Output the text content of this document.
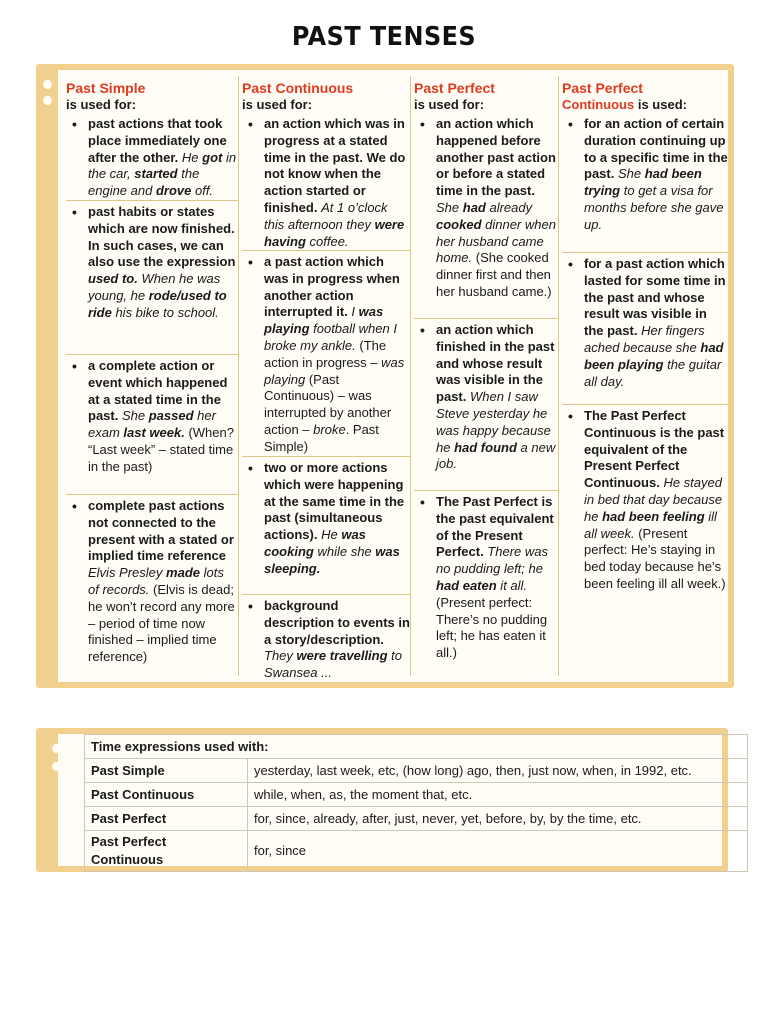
PAST TENSES
Past Simple
is used for:
• past actions that took place immediately one after the other. He got in the car, started the engine and drove off.
• past habits or states which are now finished. In such cases, we can also use the expression used to. When he was young, he rode/used to ride his bike to school.
• a complete action or event which happened at a stated time in the past. She passed her exam last week. (When? “Last week” – stated time in the past)
• complete past actions not connected to the present with a stated or implied time reference Elvis Presley made lots of records. (Elvis is dead; he won’t record any more – period of time now finished – implied time reference)
Past Continuous
is used for:
• an action which was in progress at a stated time in the past. We do not know when the action started or finished. At 1 o’clock this afternoon they were having coffee.
• a past action which was in progress when another action interrupted it. I was playing football when I broke my ankle. (The action in progress – was playing (Past Continuous) – was interrupted by another action – broke. Past Simple)
• two or more actions which were happening at the same time in the past (simultaneous actions). He was cooking while she was sleeping.
• background description to events in a story/description. They were travelling to Swansea ...
Past Perfect
is used for:
• an action which happened before another past action or before a stated time in the past. She had already cooked dinner when her husband came home. (She cooked dinner first and then her husband came.)
• an action which finished in the past and whose result was visible in the past. When I saw Steve yesterday he was happy because he had found a new job.
• The Past Perfect is the past equivalent of the Present Perfect. There was no pudding left; he had eaten it all. (Present perfect: There’s no pudding left; he has eaten it all.)
Past Perfect
Continuous is used:
• for an action of certain duration continuing up to a specific time in the past. She had been trying to get a visa for months before she gave up.
• for a past action which lasted for some time in the past and whose result was visible in the past. Her fingers ached because she had been playing the guitar all day.
• The Past Perfect Continuous is the past equivalent of the Present Perfect Continuous. He stayed in bed that day because he had been feeling ill all week. (Present perfect: He’s staying in bed today because he’s been feeling ill all week.)
Time expressions used with:	
Past Simple	yesterday, last week, etc, (how long) ago, then, just now, when, in 1992, etc.
Past Continuous	while, when, as, the moment that, etc.
Past Perfect	for, since, already, after, just, never, yet, before, by, by the time, etc.
Past Perfect Continuous	for, since
